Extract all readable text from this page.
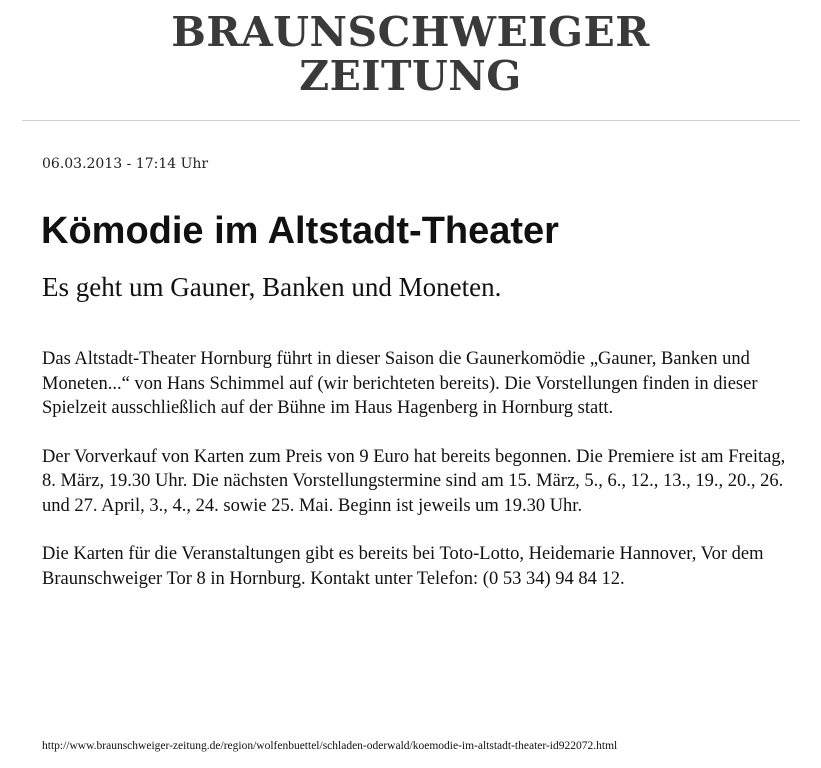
BRAUNSCHWEIGER
ZEITUNG
06.03.2013 - 17:14 Uhr
Kömodie im Altstadt-Theater
Es geht um Gauner, Banken und Moneten.

Das Altstadt-Theater Hornburg führt in dieser Saison die Gaunerkomödie „Gauner, Banken und Moneten...“ von Hans Schimmel auf (wir berichteten bereits). Die Vorstellungen finden in dieser Spielzeit ausschließlich auf der Bühne im Haus Hagenberg in Hornburg statt.

Der Vorverkauf von Karten zum Preis von 9 Euro hat bereits begonnen. Die Premiere ist am Freitag, 8. März, 19.30 Uhr. Die nächsten Vorstellungstermine sind am 15. März, 5., 6., 12., 13., 19., 20., 26. und 27. April, 3., 4., 24. sowie 25. Mai. Beginn ist jeweils um 19.30 Uhr.

Die Karten für die Veranstaltungen gibt es bereits bei Toto-Lotto, Heidemarie Hannover, Vor dem Braunschweiger Tor 8 in Hornburg. Kontakt unter Telefon: (0 53 34) 94 84 12.

http://www.braunschweiger-zeitung.de/region/wolfenbuettel/schladen-oderwald/koemodie-im-altstadt-theater-id922072.html
